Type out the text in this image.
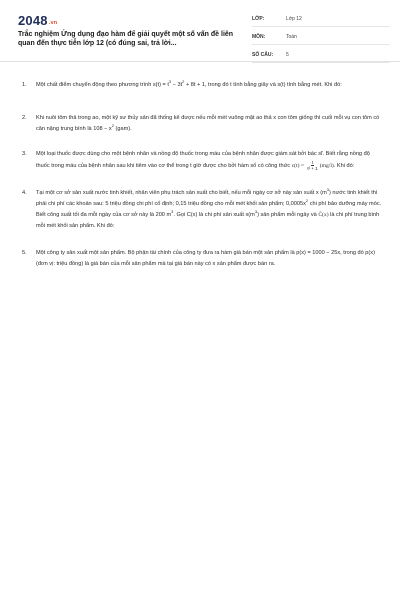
2048.vn
Trắc nghiệm Ứng dụng đạo hàm để giải quyết một số vấn đề liên quan đến thực tiễn lớp 12 (có đúng sai, trả lời...
LỚP:	Lớp 12
MÔN:	Toán
SỐ CÂU:	5
1. Một chất điểm chuyển động theo phương trình $s(t) = t^3 - 3t^2 + 8t + 1$, trong đó t tính bằng giây và s(t) tính bằng mét. Khi đó:
2. Khi nuôi tôm thả trong ao, một kỹ sư thủy sản đã thống kê được nếu mỗi mét vuông mặt ao thả x con tôm giống thì cuối mỗi vụ con tôm có cân nặng trung bình là $108 - x^2$ (gam).
3. Một loại thuốc được dùng cho một bệnh nhân và nồng độ thuốc trong máu của bệnh nhân được giám sát bởi bác sĩ. Biết rằng nồng độ thuốc trong máu của bệnh nhân sau khi tiêm vào cơ thể trong t giờ được cho bởi hàm số có công thức $c(t) = \frac{t}{\text{t² + 1}} (mg/l)$. Khi đó:
4. Tại một cơ sở sản xuất nước tinh khiết, nhân viên phụ trách sản xuất cho biết, nếu mỗi ngày cơ sở này sản xuất x $(m^3)$ nước tinh khiết thì phải chi phí các khoản sau: 5 triệu đồng chi phí cố định; 0,15 triệu đồng cho mỗi mét khối sản phẩm; $0,0005x^2$ chi phí bảo dưỡng máy móc. Biết công suất tối đa mỗi ngày của cơ sở này là 200 $m^3$. Gọi C(x) là chi phí sản xuất $x(m^3)$ sản phẩm mỗi ngày và C̄(x) là chi phí trung bình mỗi mét khối sản phẩm. Khi đó:
5. Một công ty sản xuất một sản phẩm. Bộ phận tài chính của công ty đưa ra hàm giá bán một sản phẩm là p(x) = 1000 − 25x, trong đó p(x) (đơn vị: triệu đồng) là giá bán của mỗi sản phẩm mà tại giá bán này có x sản phẩm được bán ra.
